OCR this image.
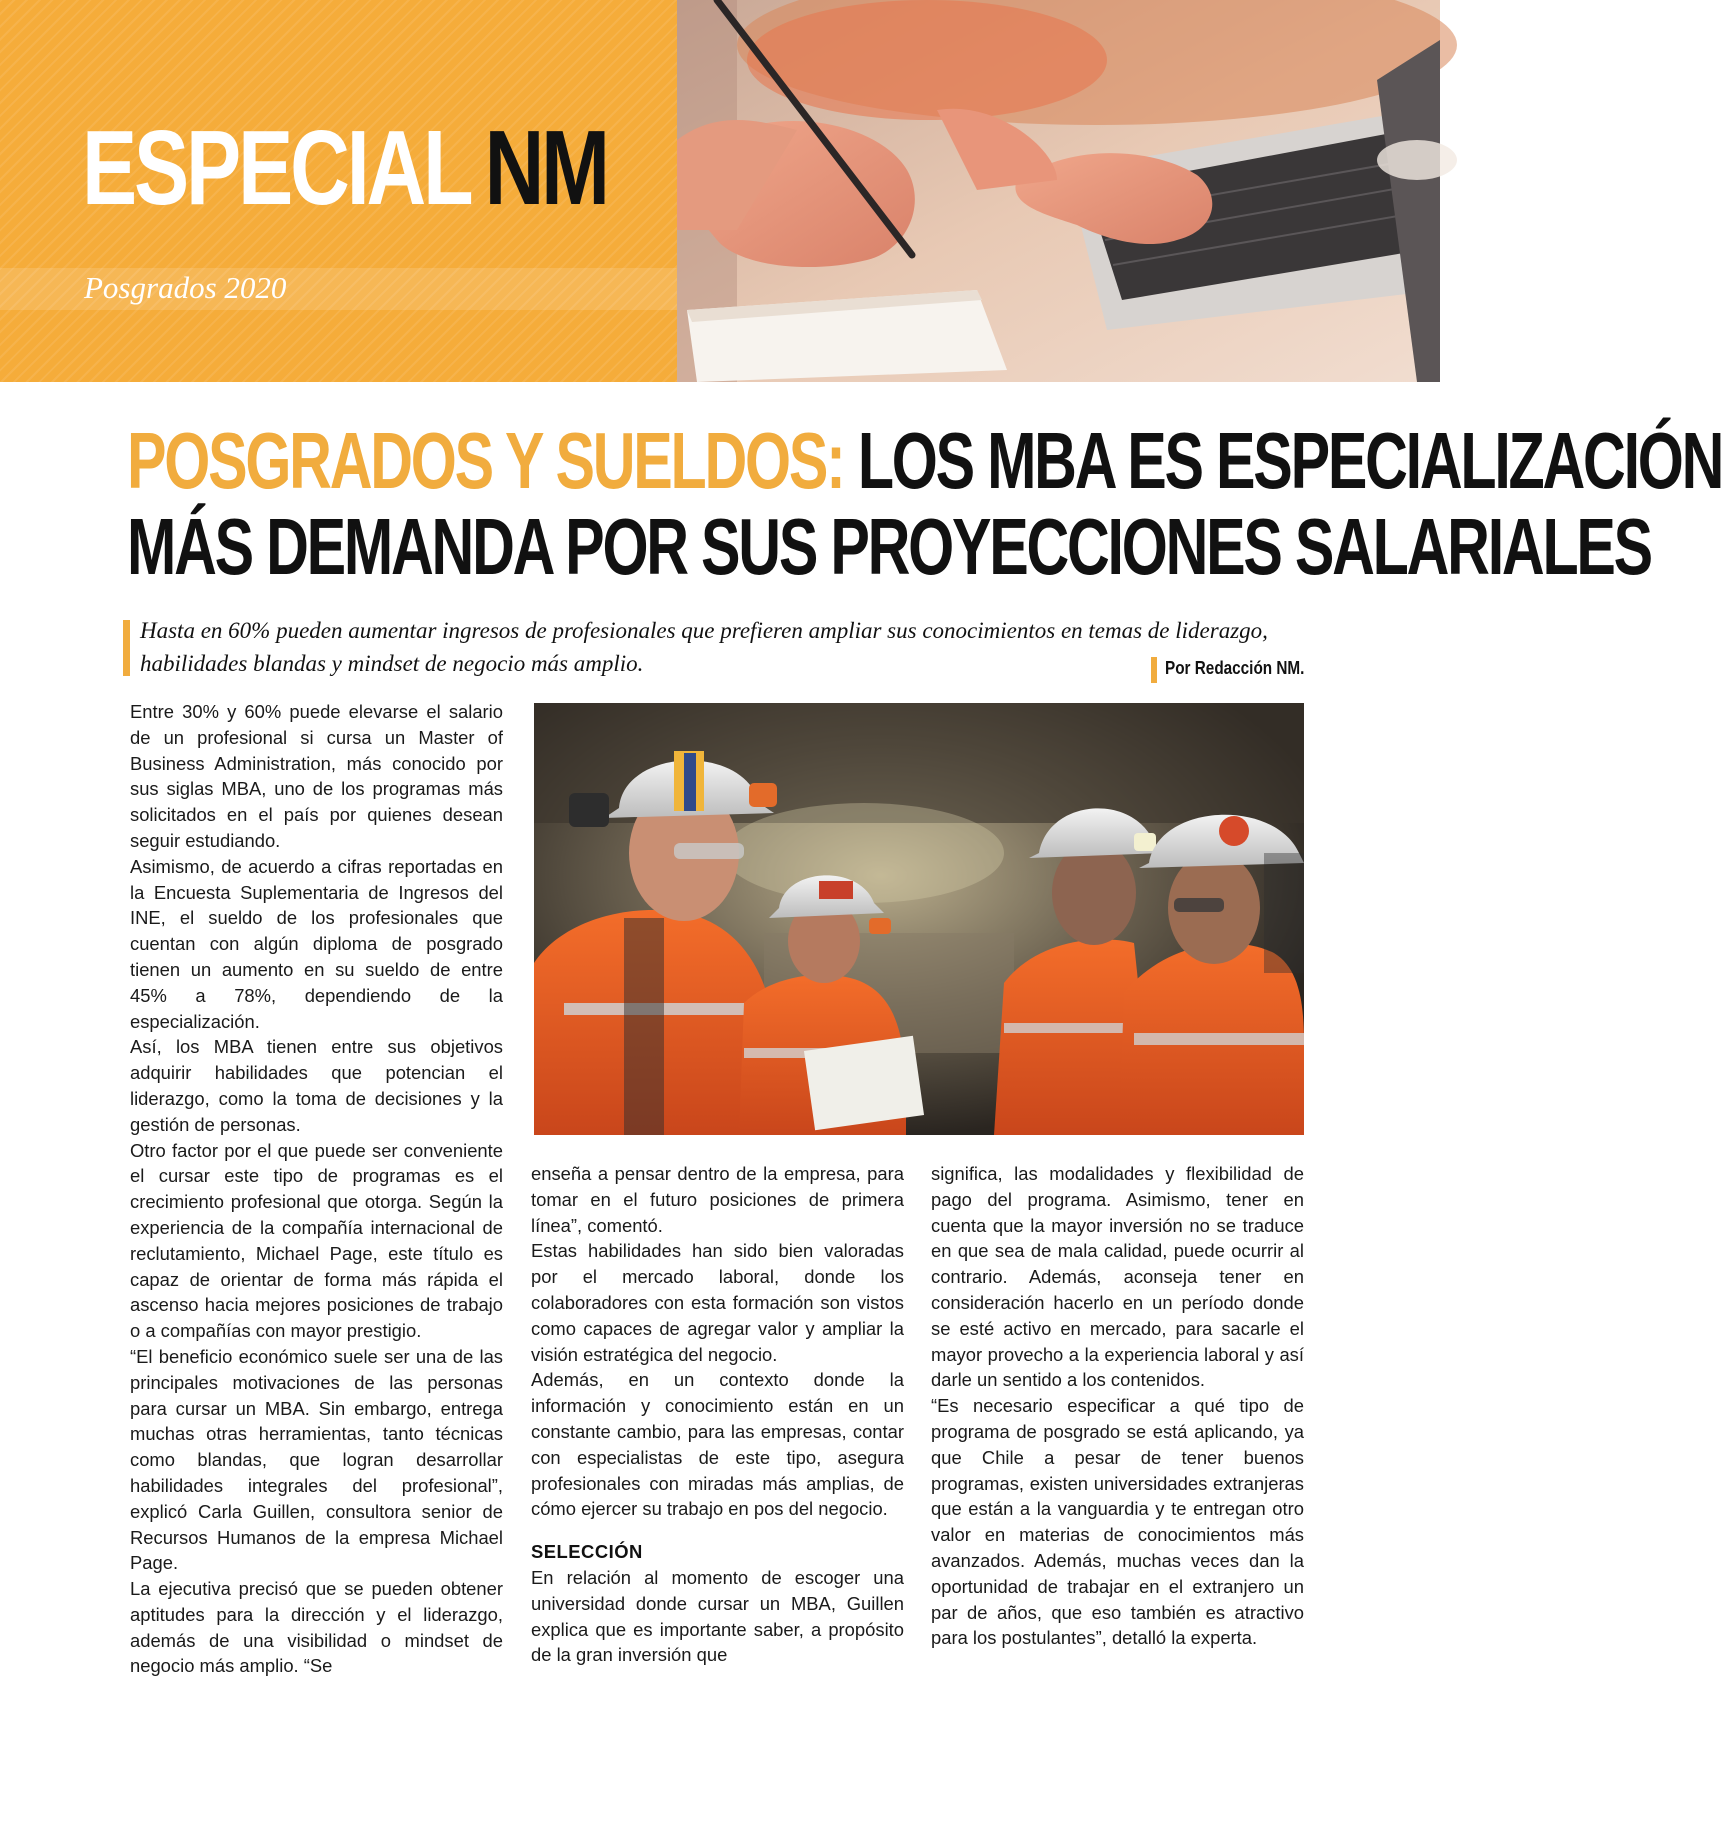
ESPECIAL NM
Posgrados 2020
POSGRADOS Y SUELDOS: LOS MBA ES ESPECIALIZACIÓN
MÁS DEMANDA POR SUS PROYECCIONES SALARIALES

Hasta en 60% pueden aumentar ingresos de profesionales que prefieren ampliar sus conocimientos en temas de liderazgo, habilidades blandas y mindset de negocio más amplio.	Por Redacción NM.

Entre 30% y 60% puede elevarse el salario de un profesional si cursa un Master of Business Administration, más conocido por sus siglas MBA, uno de los programas más solicitados en el país por quienes desean seguir estudiando.

Asimismo, de acuerdo a cifras reportadas en la Encuesta Suplementaria de Ingresos del INE, el sueldo de los profesionales que cuentan con algún diploma de posgrado tienen un aumento en su sueldo de entre 45% a 78%, dependiendo de la especialización.

Así, los MBA tienen entre sus objetivos adquirir habilidades que potencian el liderazgo, como la toma de decisiones y la gestión de personas.

Otro factor por el que puede ser conveniente el cursar este tipo de programas es el crecimiento profesional que otorga. Según la experiencia de la compañía internacional de reclutamiento, Michael Page, este título es capaz de orientar de forma más rápida el ascenso hacia mejores posiciones de trabajo o a compañías con mayor prestigio.

“El beneficio económico suele ser una de las principales motivaciones de las personas para cursar un MBA. Sin embargo, entrega muchas otras herramientas, tanto técnicas como blandas, que logran desarrollar habilidades integrales del profesional”, explicó Carla Guillen, consultora senior de Recursos Humanos de la empresa Michael Page.

La ejecutiva precisó que se pueden obtener aptitudes para la dirección y el liderazgo, además de una visibilidad o mindset de negocio más amplio. “Se

enseña a pensar dentro de la empresa, para tomar en el futuro posiciones de primera línea”, comentó.

Estas habilidades han sido bien valoradas por el mercado laboral, donde los colaboradores con esta formación son vistos como capaces de agregar valor y ampliar la visión estratégica del negocio.

Además, en un contexto donde la información y conocimiento están en un constante cambio, para las empresas, contar con especialistas de este tipo, asegura profesionales con miradas más amplias, de cómo ejercer su trabajo en pos del negocio.

SELECCIÓN

En relación al momento de escoger una universidad donde cursar un MBA, Guillen explica que es importante saber, a propósito de la gran inversión que

significa, las modalidades y flexibilidad de pago del programa. Asimismo, tener en cuenta que la mayor inversión no se traduce en que sea de mala calidad, puede ocurrir al contrario. Además, aconseja tener en consideración hacerlo en un período donde se esté activo en mercado, para sacarle el mayor provecho a la experiencia laboral y así darle un sentido a los contenidos.

“Es necesario especificar a qué tipo de programa de posgrado se está aplicando, ya que Chile a pesar de tener buenos programas, existen universidades extranjeras que están a la vanguardia y te entregan otro valor en materias de conocimientos más avanzados. Además, muchas veces dan la oportunidad de trabajar en el extranjero un par de años, que eso también es atractivo para los postulantes”, detalló la experta.
